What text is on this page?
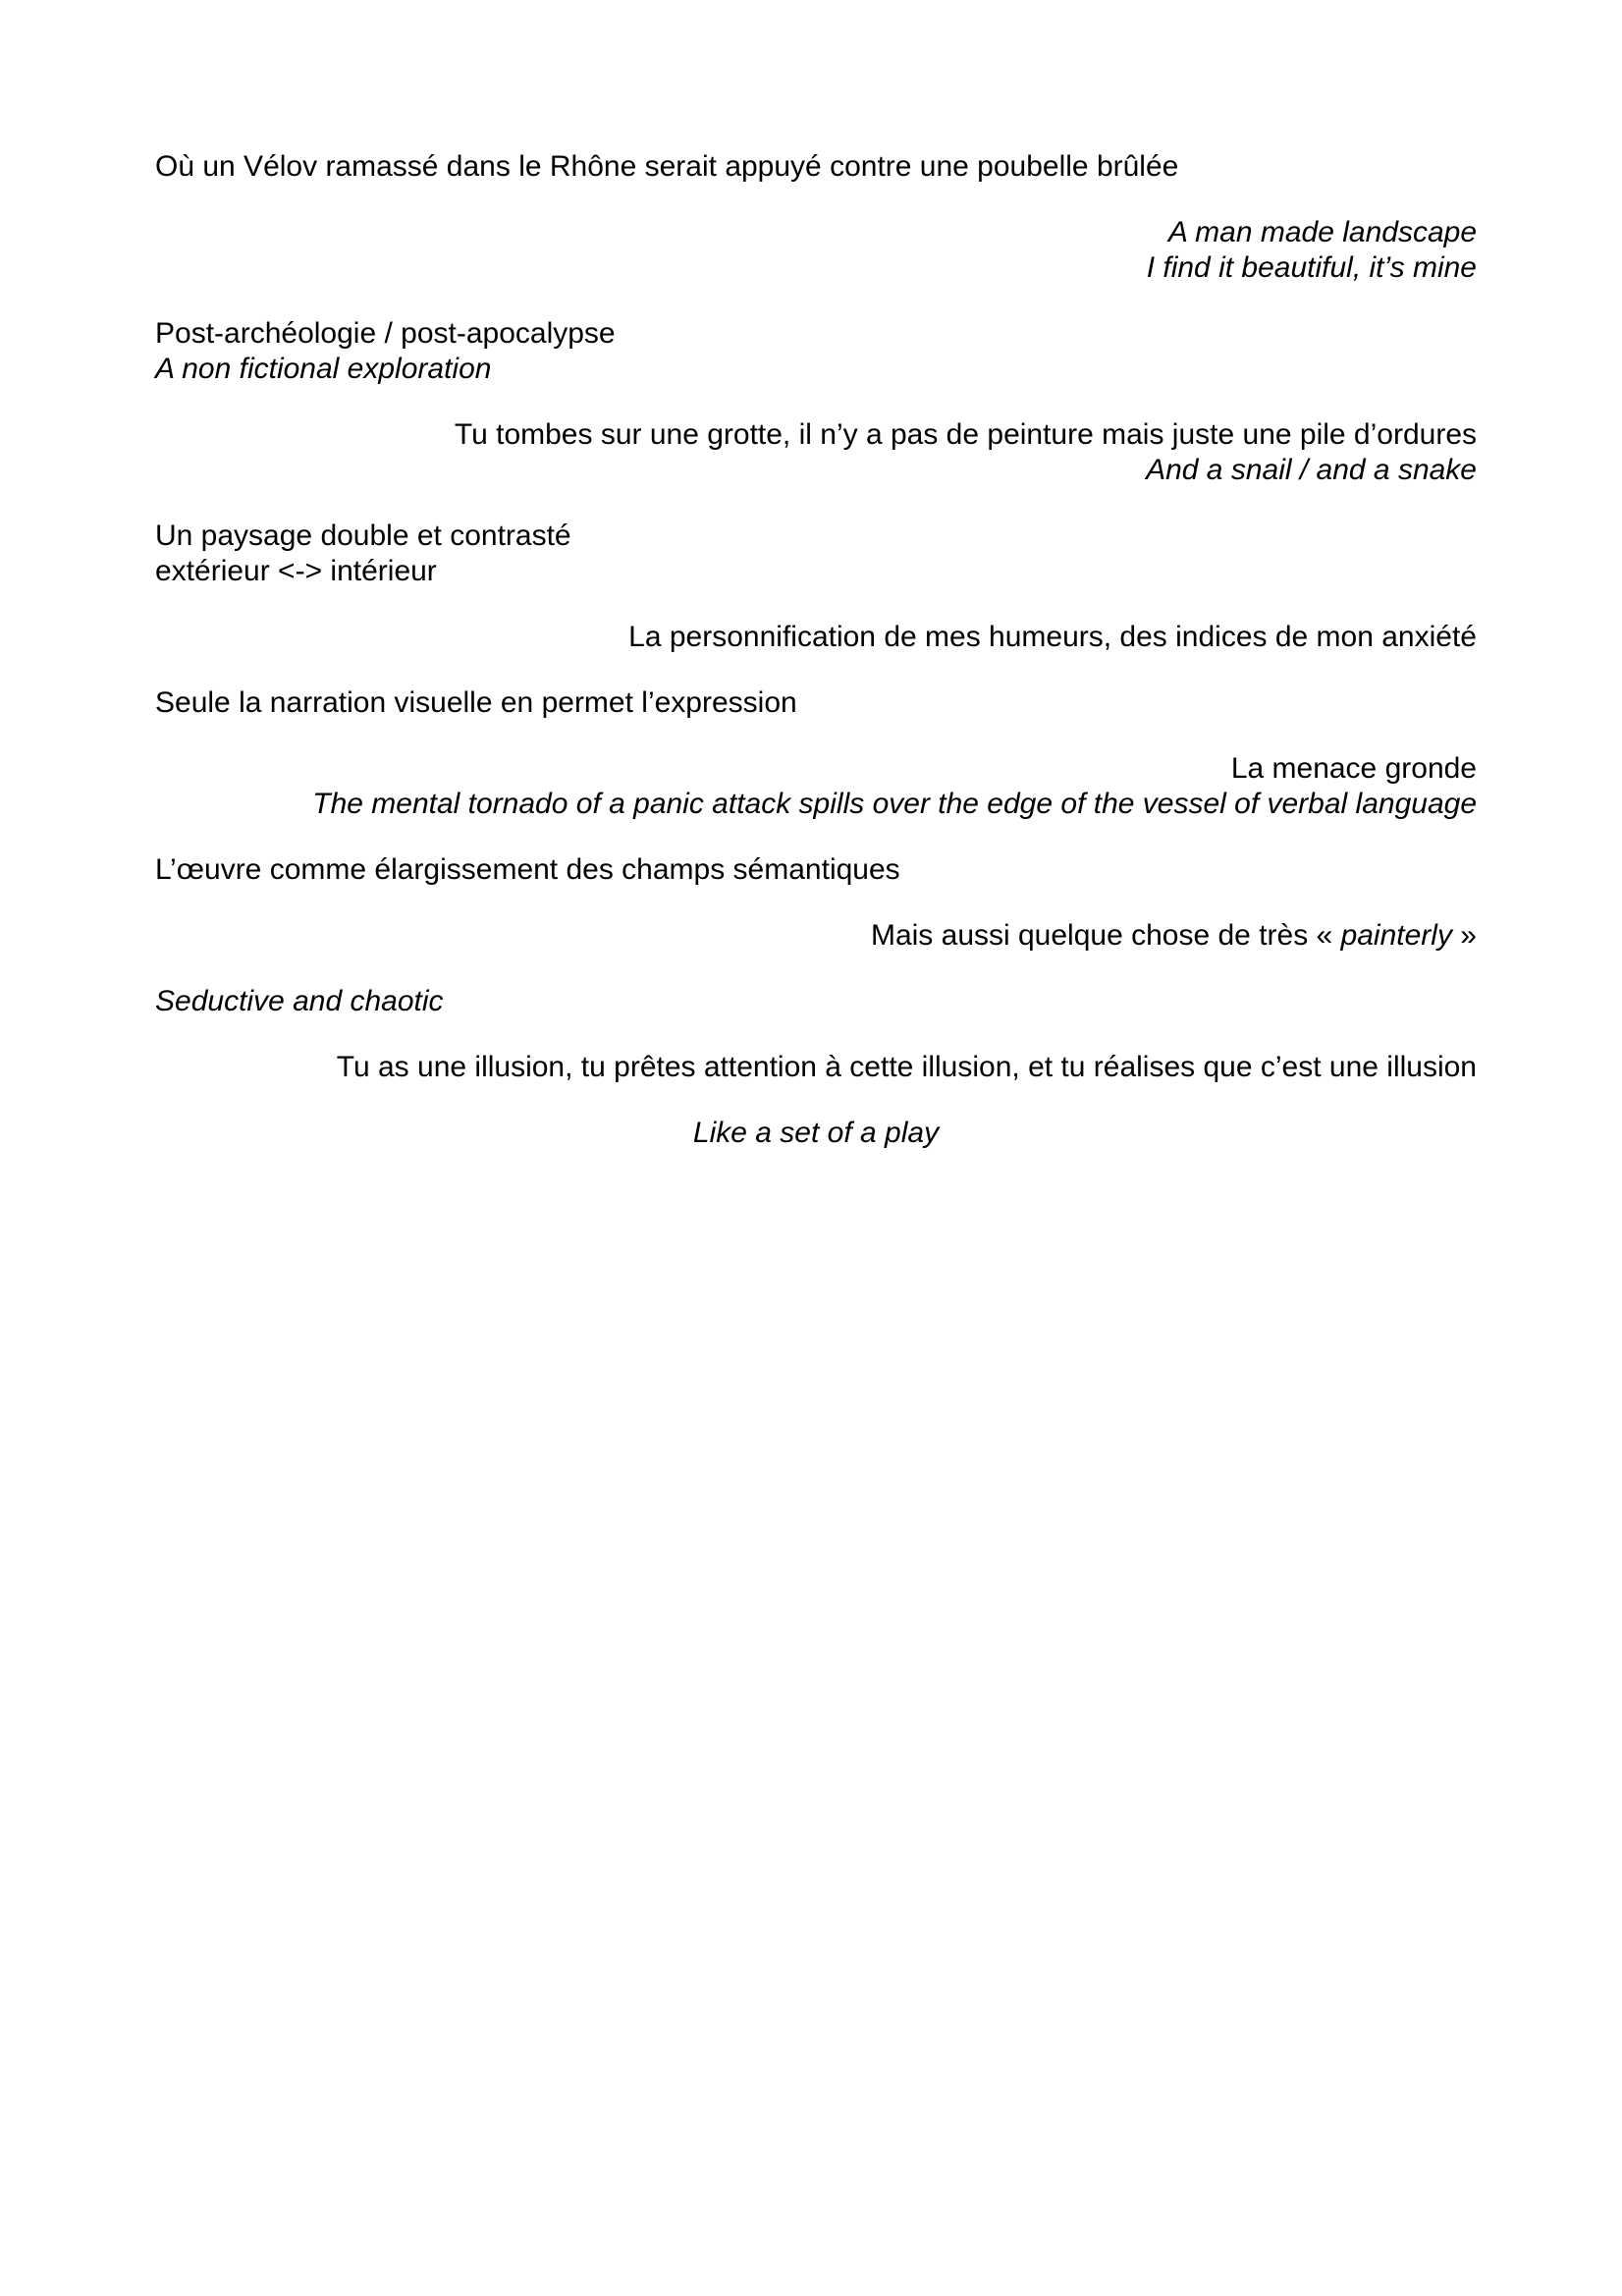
Où un Vélov ramassé dans le Rhône serait appuyé contre une poubelle brûlée
A man made landscape
I find it beautiful, it’s mine
Post-archéologie / post-apocalypse
A non fictional exploration
Tu tombes sur une grotte, il n’y a pas de peinture mais juste une pile d’ordures
And a snail / and a snake
Un paysage double et contrasté
extérieur <-> intérieur
La personnification de mes humeurs, des indices de mon anxiété
Seule la narration visuelle en permet l’expression
La menace gronde
The mental tornado of a panic attack spills over the edge of the vessel of verbal language
L’œuvre comme élargissement des champs sémantiques
Mais aussi quelque chose de très « painterly »
Seductive and chaotic
Tu as une illusion, tu prêtes attention à cette illusion, et tu réalises que c’est une illusion
Like a set of a play
